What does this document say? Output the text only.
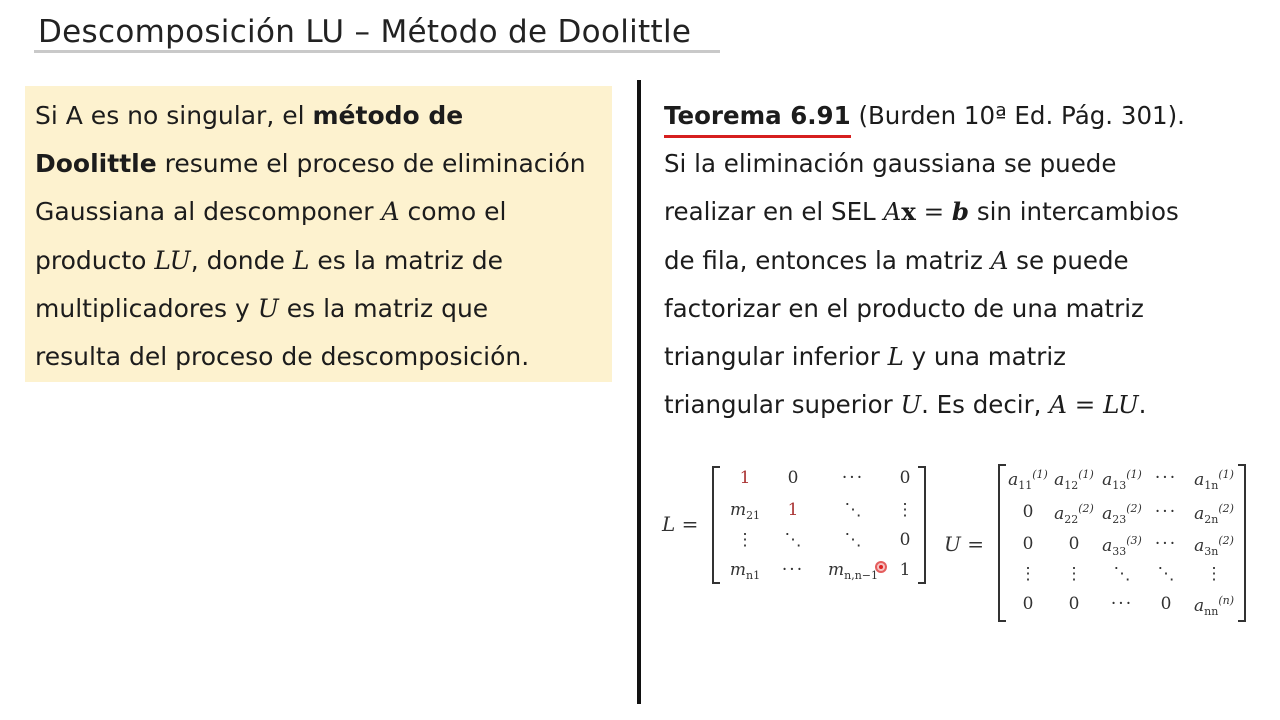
Descomposición LU – Método de Doolittle
Si A es no singular, el método de
Doolittle resume el proceso de eliminación
Gaussiana al descomponer A como el
producto LU, donde L es la matriz de
multiplicadores y U es la matriz que
resulta del proceso de descomposición.
Teorema 6.91
(Burden 10ª Ed. Pág. 301).
Si la eliminación gaussiana se puede
realizar en el SEL Ax = b sin intercambios
de fila, entonces la matriz A se puede
factorizar en el producto de una matriz
triangular inferior L y una matriz
triangular superior U. Es decir, A = LU.
L =
1	0	···	0
$m_{21}$	1	⋱	⋮
⋮	⋱	⋱	0
$m_{n1}$	···	$m_{n,n-1}$	1
U =
$a_{11}^{(1)}$ $a_{12}^{(1)}$ $a_{13}^{(1)}$ ··· $a_{1n}^{(1)}$
0	$a_{22}^{(2)}$ $a_{23}^{(2)}$ ··· $a_{2n}^{(2)}$
0	0	$a_{33}^{(3)}$ ··· $a_{3n}^{(2)}$
⋮	⋮	⋱	⋱	⋮
0	0	···	0	$a_{nn}^{(n)}$
